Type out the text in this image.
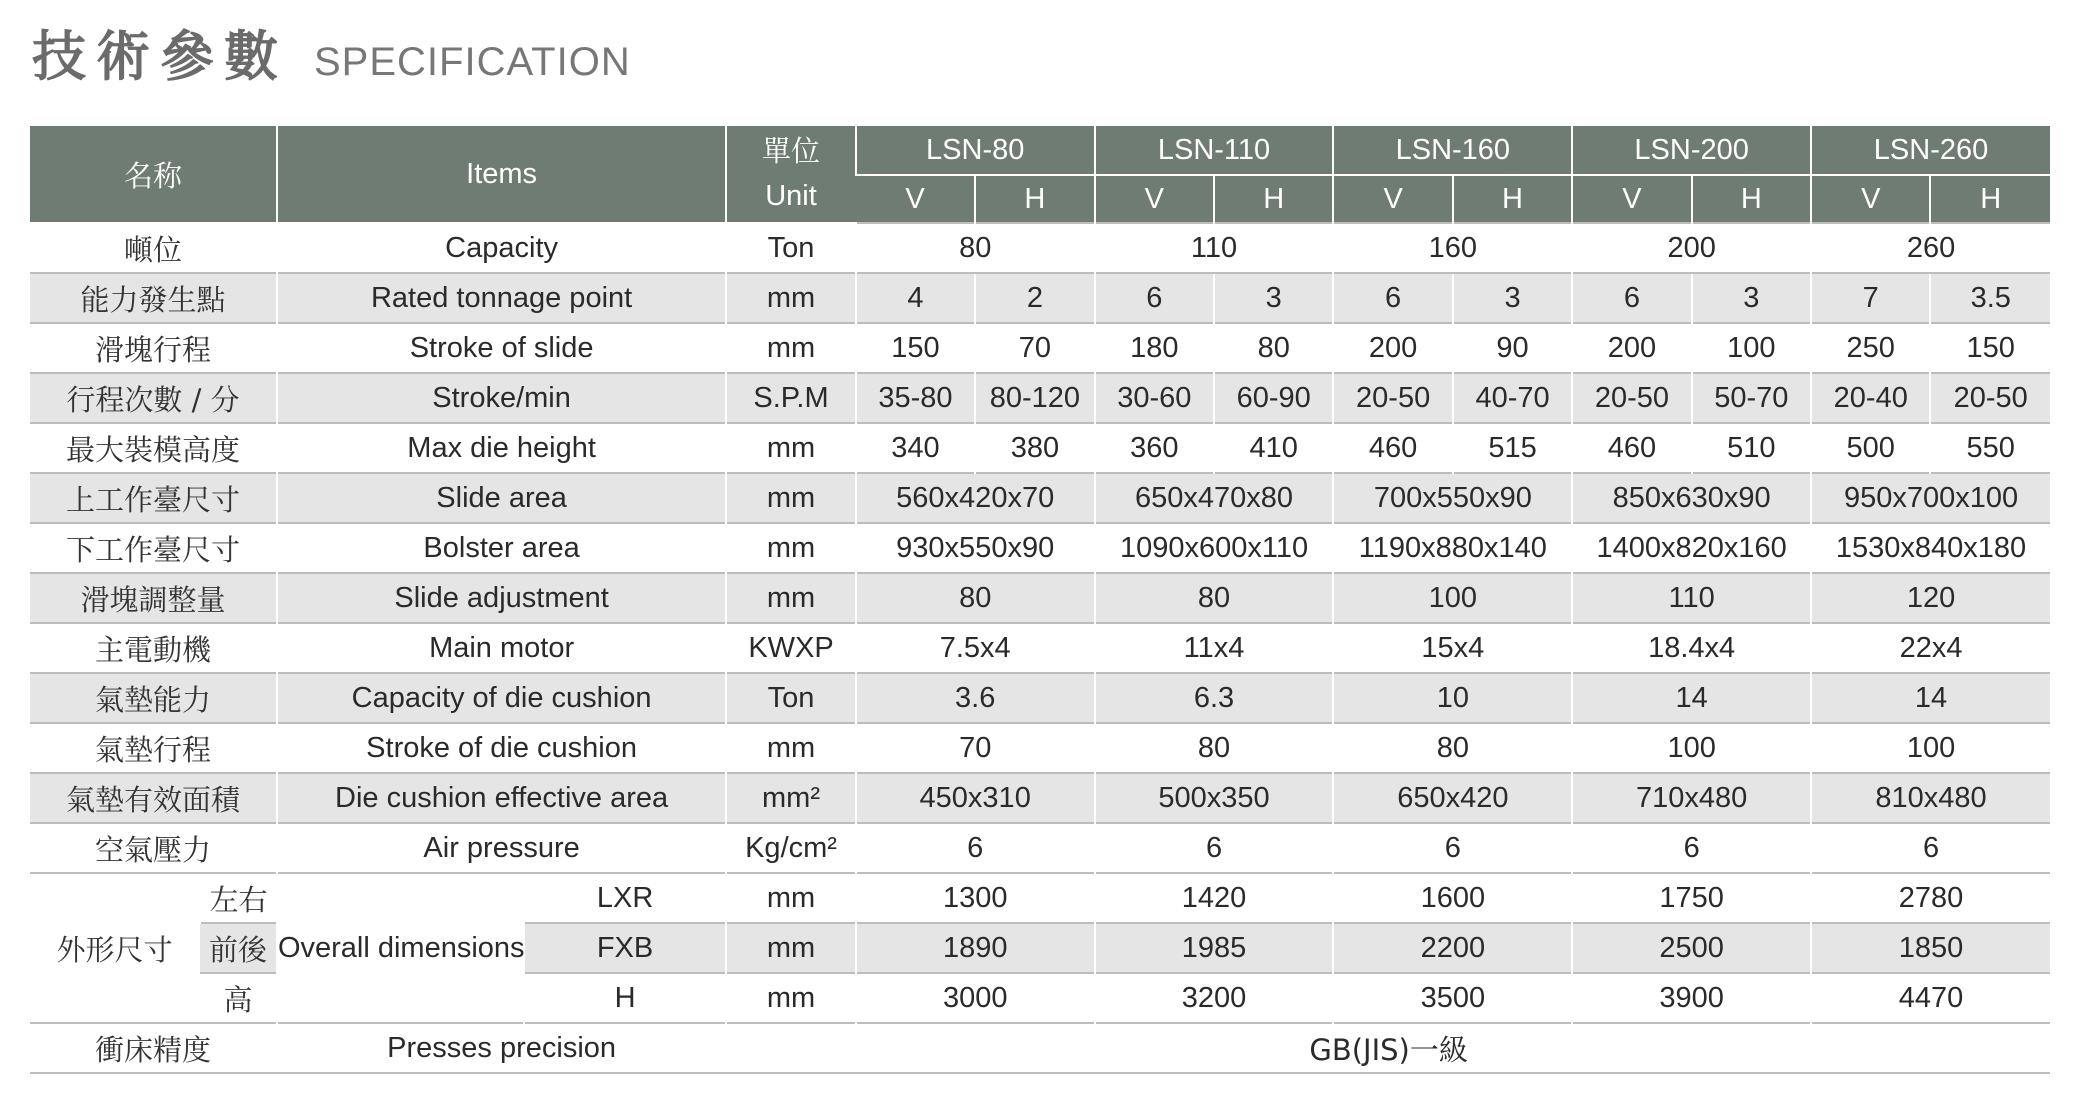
技術參數 SPECIFICATION
名称		Items		單位
Unit	LSN-80		LSN-110		LSN-160		LSN-200		LSN-260	
					V	H	V	H	V	H	V	H	V	H
噸位		Capacity		Ton	80		110		160		200		260	
能力發生點		Rated tonnage point		mm	4	2	6	3	6	3	6	3	7	3.5
滑塊行程		Stroke of slide		mm	150	70	180	80	200	90	200	100	250	150
行程次數 / 分		Stroke/min		S.P.M	35-80	80-120	30-60	60-90	20-50	40-70	20-50	50-70	20-40	20-50
最大裝模高度		Max die height		mm	340	380	360	410	460	515	460	510	500	550
上工作臺尺寸		Slide area		mm	560x420x70		650x470x80		700x550x90		850x630x90		950x700x100	
下工作臺尺寸		Bolster area		mm	930x550x90		1090x600x110		1190x880x140		1400x820x160		1530x840x180	
滑塊調整量		Slide adjustment		mm	80		80		100		110		120	
主電動機		Main motor		KWXP	7.5x4		11x4		15x4		18.4x4		22x4	
氣墊能力		Capacity of die cushion		Ton	3.6		6.3		10		14		14	
氣墊行程		Stroke of die cushion		mm	70		80		80		100		100	
氣墊有效面積		Die cushion effective area		mm²	450x310		500x350		650x420		710x480		810x480	
空氣壓力		Air pressure		Kg/cm²	6		6		6		6		6	
外形尺寸	左右	Overall dimensions	LXR	mm	1300		1420		1600		1750		2780	
	前後		FXB	mm	1890		1985		2200		2500		1850	
	高		H	mm	3000		3200		3500		3900		4470	
衝床精度		Presses precision		GB(JIS)一級										
